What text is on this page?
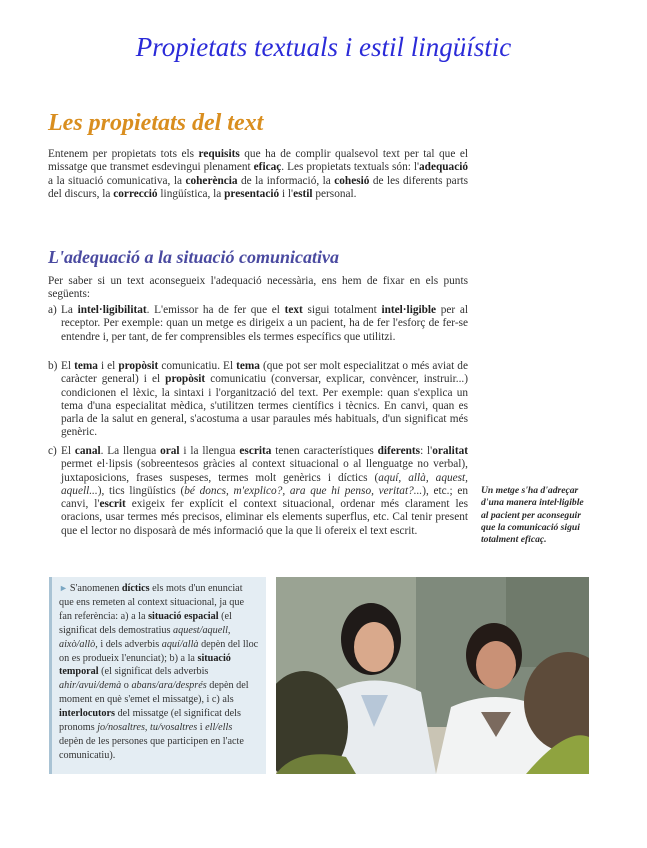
Propietats textuals i estil lingüístic
Les propietats del text
Entenem per propietats tots els requisits que ha de complir qualsevol text per tal que el missatge que transmet esdevingui plenament eficaç. Les propietats textuals són: l'adequació a la situació comunicativa, la coherència de la informació, la cohesió de les diferents parts del discurs, la correcció lingüística, la presentació i l'estil personal.
L'adequació a la situació comunicativa
Per saber si un text aconsegueix l'adequació necessària, ens hem de fixar en els punts següents:
a) La intel·ligibilitat. L'emissor ha de fer que el text sigui totalment intel·ligible per al receptor. Per exemple: quan un metge es dirigeix a un pacient, ha de fer l'esforç de fer-se entendre i, per tant, de fer comprensibles els termes específics que utilitzi.
b) El tema i el propòsit comunicatiu. El tema (que pot ser molt especialitzat o més aviat de caràcter general) i el propòsit comunicatiu (conversar, explicar, convèncer, instruir...) condicionen el lèxic, la sintaxi i l'organització del text. Per exemple: quan s'explica un tema d'una especialitat mèdica, s'utilitzen termes científics i tècnics. En canvi, quan es parla de la salut en general, s'acostuma a usar paraules més habituals, d'un significat més genèric.
c) El canal. La llengua oral i la llengua escrita tenen característiques diferents: l'oralitat permet el·lipsis (sobreentesos gràcies al context situacional o al llenguatge no verbal), juxtaposicions, frases suspeses, termes molt genèrics i díctics (aquí, allà, aquest, aquell...), tics lingüístics (bé doncs, m'explico?, ara que hi penso, veritat?...), etc.; en canvi, l'escrit exigeix fer explícit el context situacional, ordenar més clarament les oracions, usar termes més precisos, eliminar els elements superflus, etc. Cal tenir present que el lector no disposarà de més informació que la que li ofereix el text escrit.
Un metge s'ha d'adreçar d'una manera intel·ligible al pacient per aconseguir que la comunicació sigui totalment eficaç.
► S'anomenen díctics els mots d'un enunciat que ens remeten al context situacional, ja que fan referència: a) a la situació espacial (el significat dels demostratius aquest/aquell, això/allò, i dels adverbis aquí/allà depèn del lloc on es produeix l'enunciat); b) a la situació temporal (el significat dels adverbis ahir/avui/demà o abans/ara/després depèn del moment en què s'emet el missatge), i c) als interlocutors del missatge (el significat dels pronoms jo/nosaltres, tu/vosaltres i ell/ells depèn de les persones que participen en l'acte comunicatiu).
